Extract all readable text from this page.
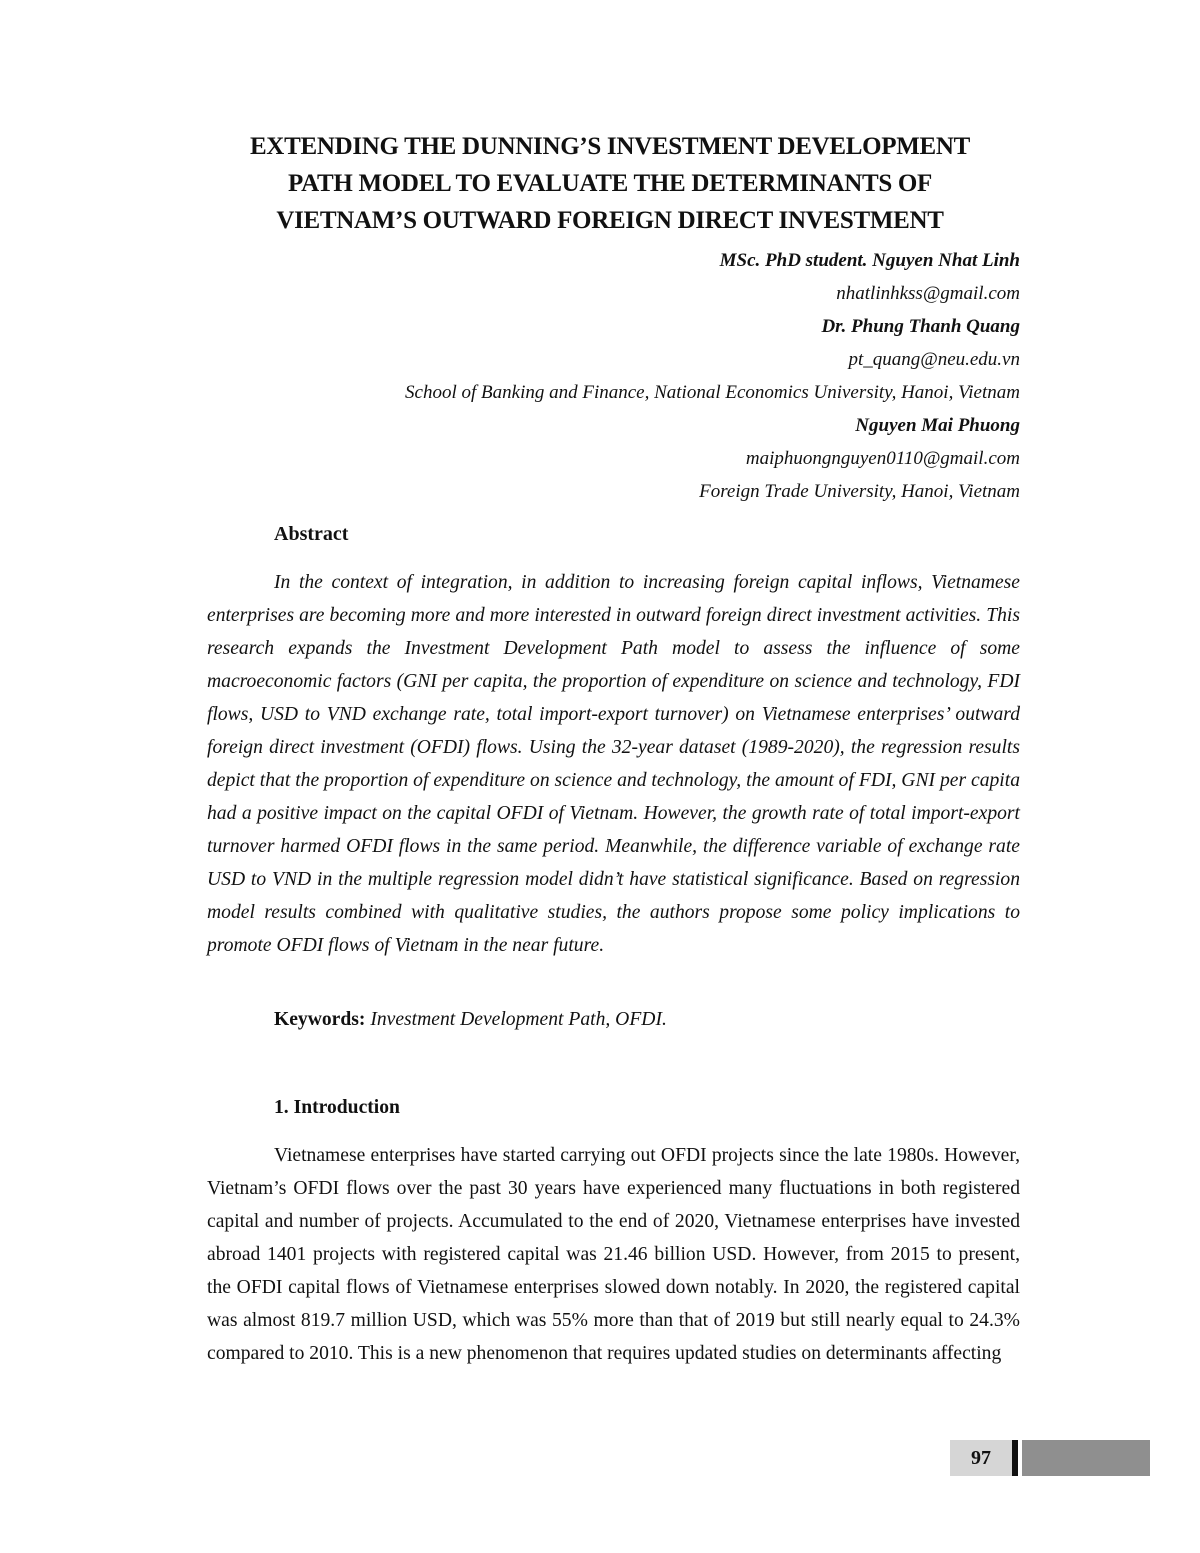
EXTENDING THE DUNNING’S INVESTMENT DEVELOPMENT
PATH MODEL TO EVALUATE THE DETERMINANTS OF
VIETNAM’S OUTWARD FOREIGN DIRECT INVESTMENT
MSc. PhD student. Nguyen Nhat Linh
nhatlinhkss@gmail.com
Dr. Phung Thanh Quang
pt_quang@neu.edu.vn
School of Banking and Finance, National Economics University, Hanoi, Vietnam
Nguyen Mai Phuong
maiphuongnguyen0110@gmail.com
Foreign Trade University, Hanoi, Vietnam
Abstract

In the context of integration, in addition to increasing foreign capital inflows, Vietnamese enterprises are becoming more and more interested in outward foreign direct investment activities. This research expands the Investment Development Path model to assess the influence of some macroeconomic factors (GNI per capita, the proportion of expenditure on science and technology, FDI flows, USD to VND exchange rate, total import-export turnover) on Vietnamese enterprises’ outward foreign direct investment (OFDI) flows. Using the 32-year dataset (1989-2020), the regression results depict that the proportion of expenditure on science and technology, the amount of FDI, GNI per capita had a positive impact on the capital OFDI of Vietnam. However, the growth rate of total import-export turnover harmed OFDI flows in the same period. Meanwhile, the difference variable of exchange rate USD to VND in the multiple regression model didn’t have statistical significance. Based on regression model results combined with qualitative studies, the authors propose some policy implications to promote OFDI flows of Vietnam in the near future.

Keywords: Investment Development Path, OFDI.
1. Introduction

Vietnamese enterprises have started carrying out OFDI projects since the late 1980s. However, Vietnam’s OFDI flows over the past 30 years have experienced many fluctuations in both registered capital and number of projects. Accumulated to the end of 2020, Vietnamese enterprises have invested abroad 1401 projects with registered capital was 21.46 billion USD. However, from 2015 to present, the OFDI capital flows of Vietnamese enterprises slowed down notably. In 2020, the registered capital was almost 819.7 million USD, which was 55% more than that of 2019 but still nearly equal to 24.3% compared to 2010. This is a new phenomenon that requires updated studies on determinants affecting

97
